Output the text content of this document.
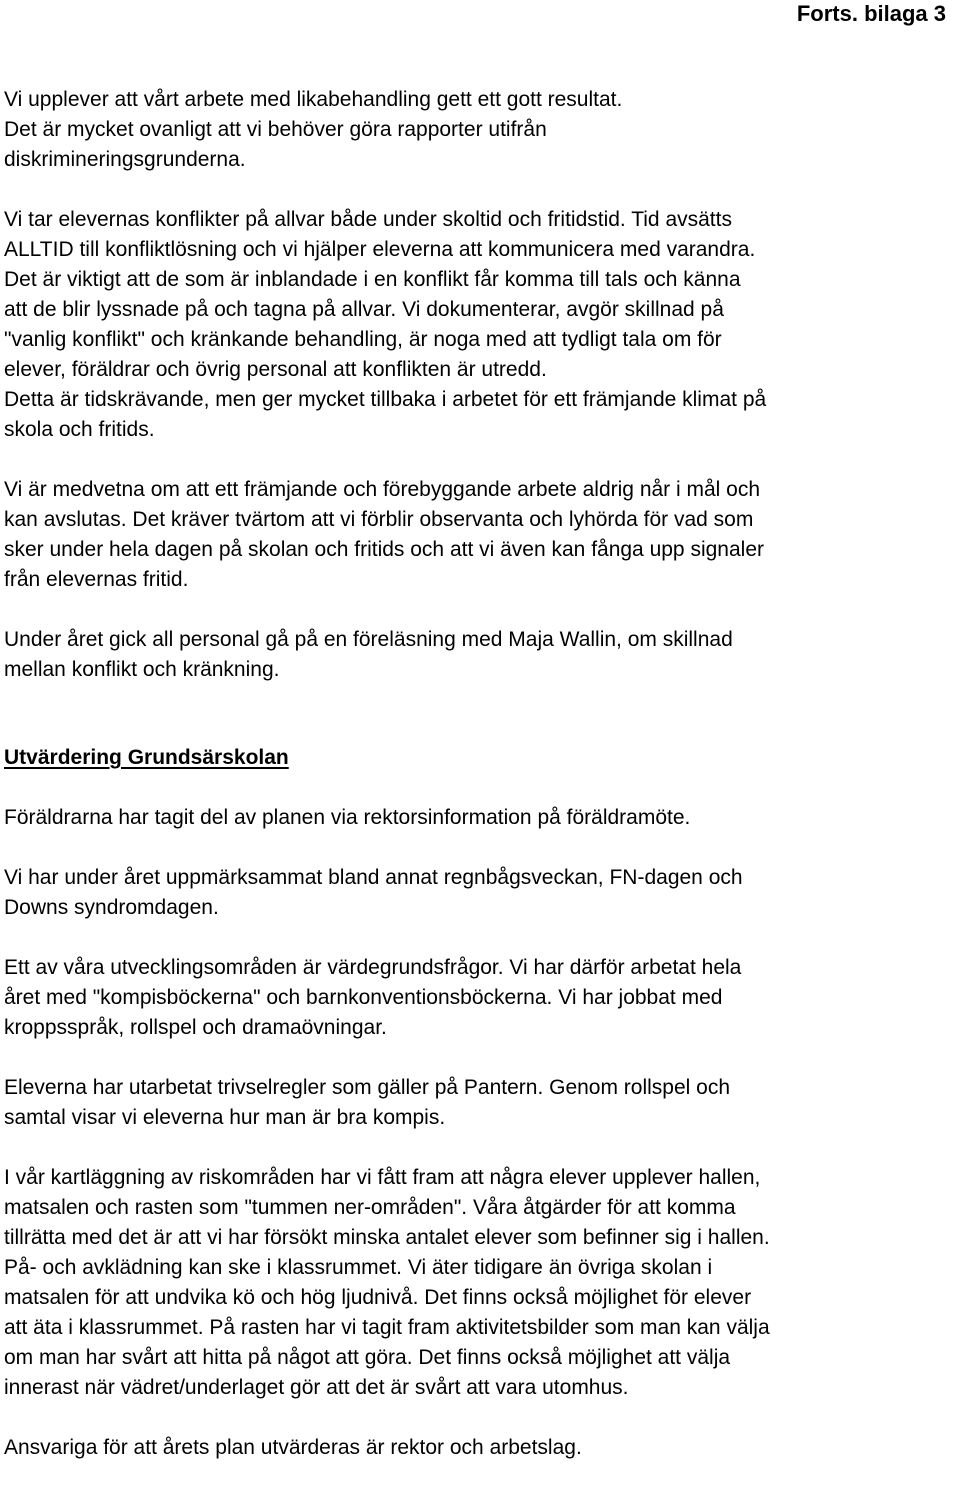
Forts. bilaga 3

Vi upplever att vårt arbete med likabehandling gett ett gott resultat.
Det är mycket ovanligt att vi behöver göra rapporter utifrån
diskrimineringsgrunderna.

Vi tar elevernas konflikter på allvar både under skoltid och fritidstid. Tid avsätts
ALLTID till konfliktlösning och vi hjälper eleverna att kommunicera med varandra.
Det är viktigt att de som är inblandade i en konflikt får komma till tals och känna
att de blir lyssnade på och tagna på allvar. Vi dokumenterar, avgör skillnad på
"vanlig konflikt" och kränkande behandling, är noga med att tydligt tala om för
elever, föräldrar och övrig personal att konflikten är utredd.
Detta är tidskrävande, men ger mycket tillbaka i arbetet för ett främjande klimat på
skola och fritids.

Vi är medvetna om att ett främjande och förebyggande arbete aldrig når i mål och
kan avslutas. Det kräver tvärtom att vi förblir observanta och lyhörda för vad som
sker under hela dagen på skolan och fritids och att vi även kan fånga upp signaler
från elevernas fritid.

Under året gick all personal gå på en föreläsning med Maja Wallin, om skillnad
mellan konflikt och kränkning.

Utvärdering Grundsärskolan

Föräldrarna har tagit del av planen via rektorsinformation på föräldramöte.

Vi har under året uppmärksammat bland annat regnbågsveckan, FN-dagen och
Downs syndromdagen.

Ett av våra utvecklingsområden är värdegrundsfrågor. Vi har därför arbetat hela
året med "kompisböckerna" och barnkonventionsböckerna. Vi har jobbat med
kroppsspråk, rollspel och dramaövningar.

Eleverna har utarbetat trivselregler som gäller på Pantern. Genom rollspel och
samtal visar vi eleverna hur man är bra kompis.

I vår kartläggning av riskområden har vi fått fram att några elever upplever hallen,
matsalen och rasten som "tummen ner-områden". Våra åtgärder för att komma
tillrätta med det är att vi har försökt minska antalet elever som befinner sig i hallen.
På- och avklädning kan ske i klassrummet. Vi äter tidigare än övriga skolan i
matsalen för att undvika kö och hög ljudnivå. Det finns också möjlighet för elever
att äta i klassrummet. På rasten har vi tagit fram aktivitetsbilder som man kan välja
om man har svårt att hitta på något att göra. Det finns också möjlighet att välja
innerast när vädret/underlaget gör att det är svårt att vara utomhus.

Ansvariga för att årets plan utvärderas är rektor och arbetslag.
